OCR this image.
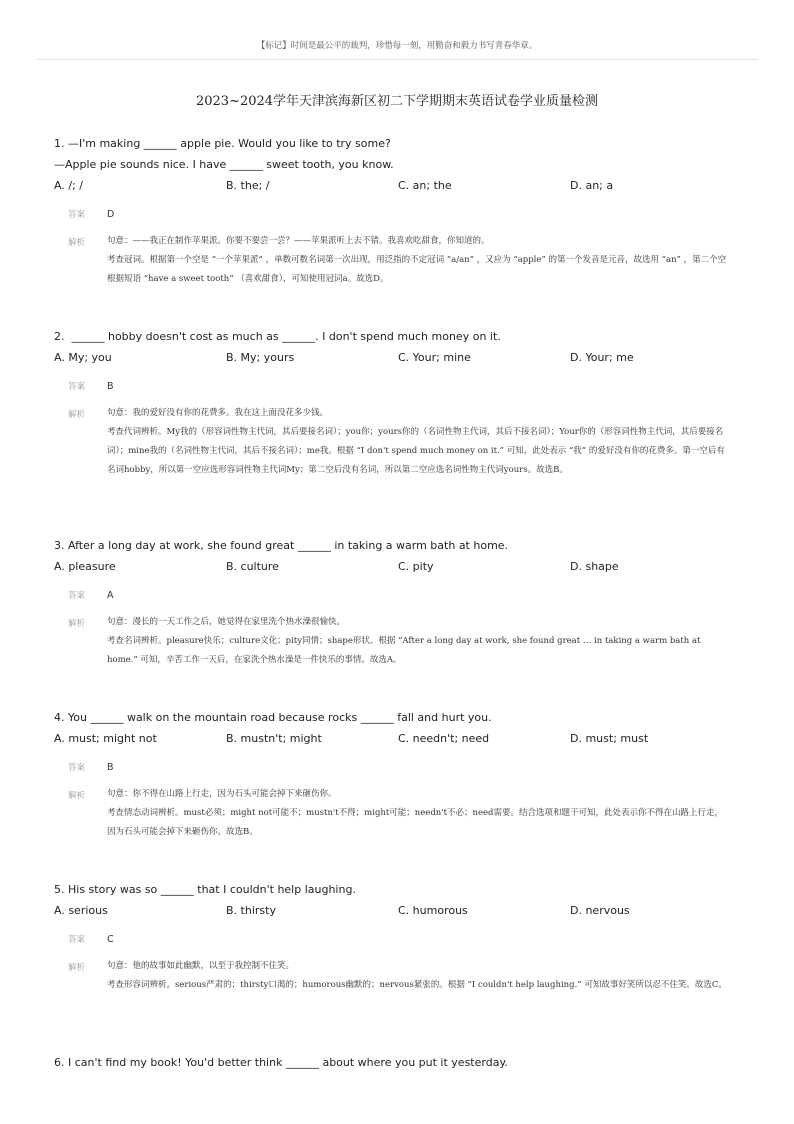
【标记】时间是最公平的裁判，珍惜每一刻，用勤奋和毅力书写青春华章。
2023~2024学年天津滨海新区初二下学期期末英语试卷学业质量检测
1. —I'm making ______ apple pie. Would you like to try some?
—Apple pie sounds nice. I have ______ sweet tooth, you know.
A. /; /	B. the; /	C. an; the	D. an; a
答案 D
解析	句意：——我正在制作苹果派。你要不要尝一尝？——苹果派听上去不错。我喜欢吃甜食，你知道的。
考查冠词。根据第一个空是 “一个苹果派” ，单数可数名词第一次出现，用泛指的不定冠词 “a/an” ，又应为 “apple” 的第一个发音是元音，故选用 “an” ，第二个空根据短语 “have a sweet tooth” （喜欢甜食），可知使用冠词a。故选D。
2.  ______ hobby doesn't cost as much as ______. I don't spend much money on it.
A. My; you	B. My; yours	C. Your; mine	D. Your; me
答案 B
解析	句意：我的爱好没有你的花费多。我在这上面没花多少钱。
考查代词辨析。My我的（形容词性物主代词，其后要接名词）；you你；yours你的（名词性物主代词，其后不接名词）；Your你的（形容词性物主代词，其后要接名词）；mine我的（名词性物主代词，其后不接名词）；me我。根据 “I don't spend much money on it.” 可知，此处表示 “我” 的爱好没有你的花费多。第一空后有名词hobby，所以第一空应选形容词性物主代词My；第二空后没有名词，所以第二空应选名词性物主代词yours。故选B。
3. After a long day at work, she found great ______ in taking a warm bath at home.
A. pleasure	B. culture	C. pity	D. shape
答案 A
解析	句意：漫长的一天工作之后，她觉得在家里洗个热水澡很愉快。
考查名词辨析。pleasure快乐；culture文化；pity同情；shape形状。根据 “After a long day at work, she found great … in taking a warm bath at home.” 可知，辛苦工作一天后，在家洗个热水澡是一件快乐的事情。故选A。
4. You ______ walk on the mountain road because rocks ______ fall and hurt you.
A. must; might not	B. mustn't; might	C. needn't; need	D. must; must
答案 B
解析	句意：你不得在山路上行走，因为石头可能会掉下来砸伤你。
考查情态动词辨析。must必须；might not可能不；mustn't不得；might可能；needn't不必；need需要。结合选项和题干可知，此处表示你不得在山路上行走，因为石头可能会掉下来砸伤你。故选B。
5. His story was so ______ that I couldn't help laughing.
A. serious	B. thirsty	C. humorous	D. nervous
答案 C
解析	句意：他的故事如此幽默，以至于我控制不住笑。
考查形容词辨析。serious严肃的；thirsty口渴的；humorous幽默的；nervous紧张的。根据 “I couldn't help laughing.” 可知故事好笑所以忍不住笑。故选C。
6. I can't find my book! You'd better think ______ about where you put it yesterday.
